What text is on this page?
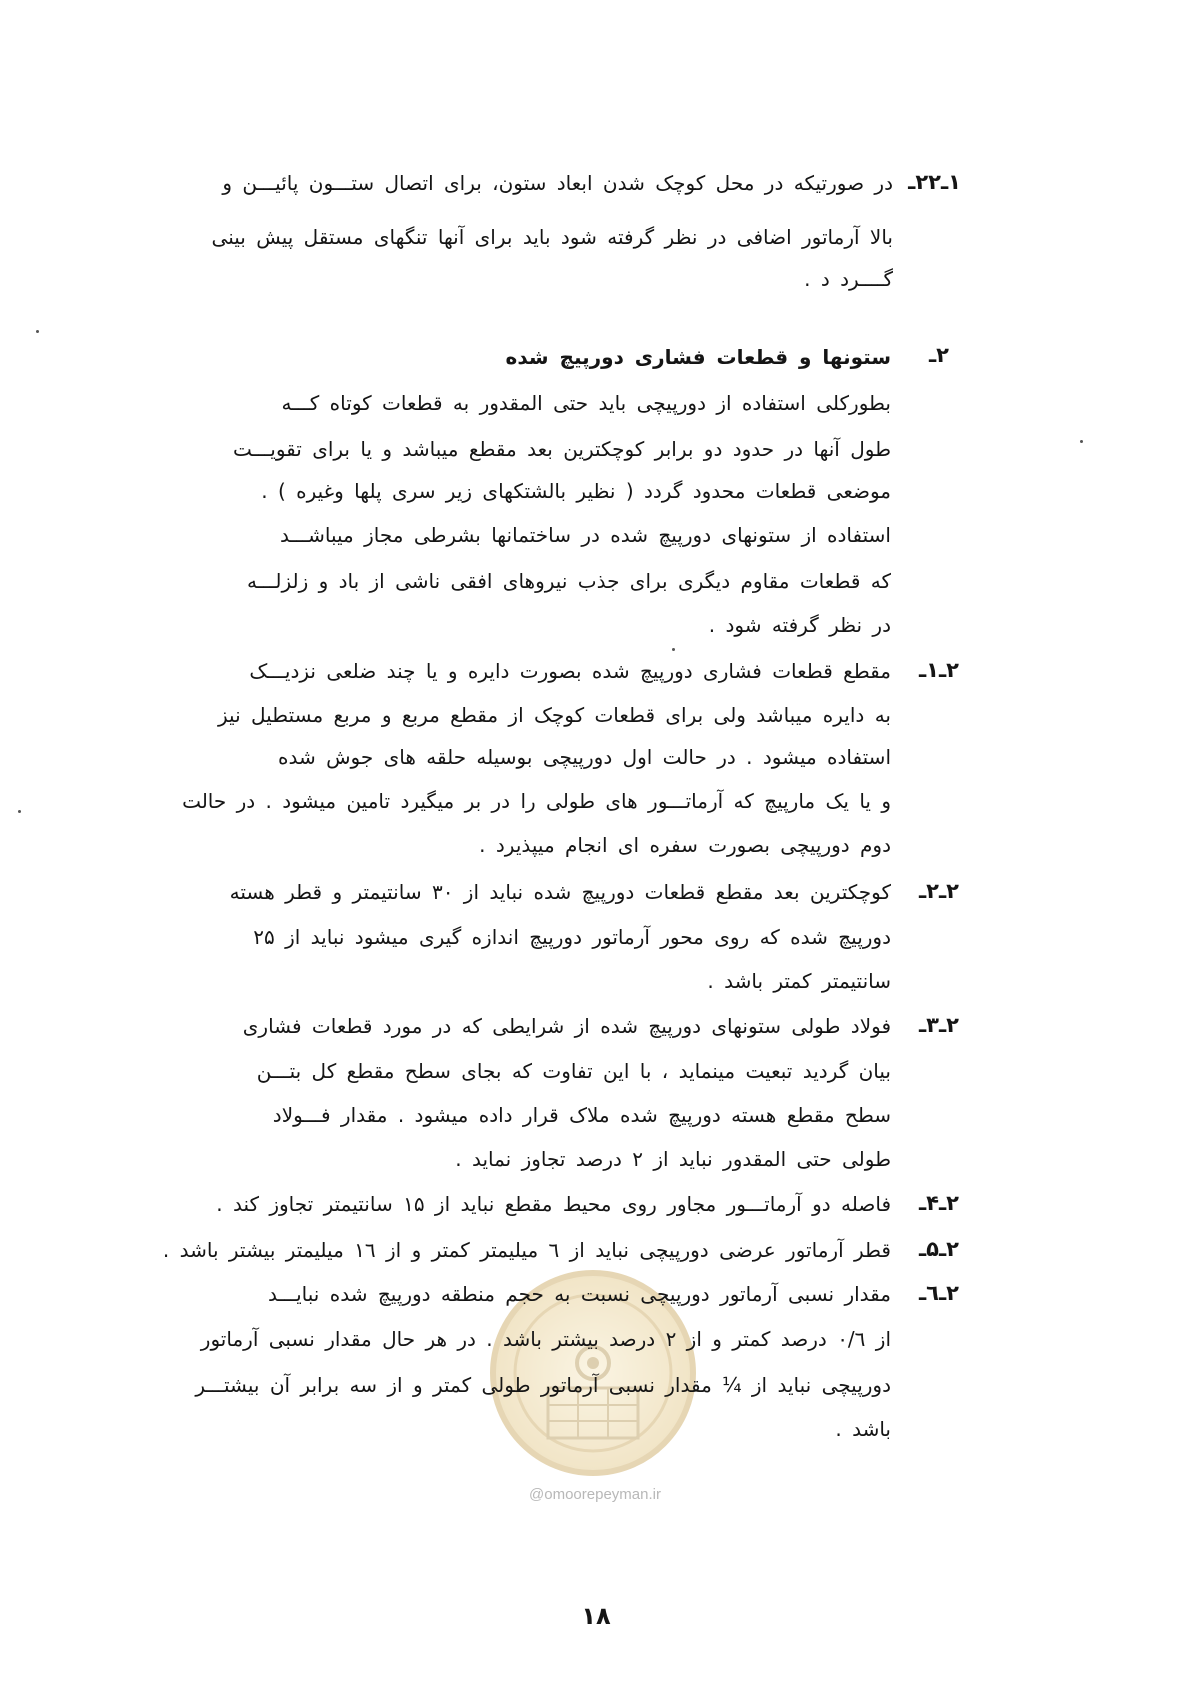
۱ـ۲۲ـ
در صورتیکه در محل کوچک شدن ابعاد ستون، برای اتصال ستـــون پائیـــن و
بالا آرماتور اضافی در نظر گرفته شود باید برای آنها تنگهای مستقل پیش بینی
گــــرد د .
۲ـ
ستونها و قطعات فشاری دورپیچ شده
بطورکلی استفاده از دورپیچی باید حتی المقدور به قطعات کوتاه کـــه
طول آنها در حدود دو برابر کوچکترین بعد مقطع میباشد و یا برای تقویـــت
موضعی قطعات محدود گردد ( نظیر بالشتکهای زیر سری پلها وغیره ) .
استفاده از ستونهای دورپیچ شده در ساختمانها بشرطی مجاز میباشـــد
که قطعات مقاوم دیگری برای جذب نیروهای افقی ناشی از باد و زلزلـــه
در نظر گرفته شود .
۲ـ۱ـ
مقطع قطعات فشاری دورپیچ شده بصورت دایره و یا چند ضلعی نزدیـــک
به دایره میباشد ولی برای قطعات کوچک از مقطع مربع و مربع مستطیل نیز
استفاده میشود . در حالت اول دورپیچی بوسیله حلقه های جوش شده
و یا یک مارپیچ که آرماتـــور های طولی را در بر میگیرد تامین میشود . در حالت
دوم دورپیچی بصورت سفره ای انجام میپذیرد .
۲ـ۲ـ
کوچکترین بعد مقطع قطعات دورپیچ شده نباید از ۳۰ سانتیمتر و قطر هسته
دورپیچ شده که روی محور آرماتور دورپیچ اندازه گیری میشود نباید از ۲۵
سانتیمتر کمتر باشد .
۲ـ۳ـ
فولاد طولی ستونهای دورپیچ شده از شرایطی که در مورد قطعات فشاری
بیان گردید تبعیت مینماید ، با این تفاوت که بجای سطح مقطع کل بتـــن
سطح مقطع هسته دورپیچ شده ملاک قرار داده میشود . مقدار فـــولاد
طولی حتی المقدور نباید از ۲ درصد تجاوز نماید .
۲ـ۴ـ
فاصله دو آرماتـــور مجاور روی محیط مقطع نباید از ۱۵ سانتیمتر تجاوز کند .
۲ـ۵ـ
قطر آرماتور عرضی دورپیچی نباید از ٦ میلیمتر کمتر و از ١٦ میلیمتر بیشتر باشد .
۲ـ٦ـ
مقدار نسبی آرماتور دورپیچی نسبت به حجم منطقه دورپیچ شده نبایـــد
از ۰/٦ درصد کمتر و از ۲ درصد بیشتر باشد . در هر حال مقدار نسبی آرماتور
دورپیچی نباید از ¼ مقدار نسبی آرماتور طولی کمتر و از سه برابر آن بیشتـــر
باشد .
@omoorepeyman.ir
۱۸
